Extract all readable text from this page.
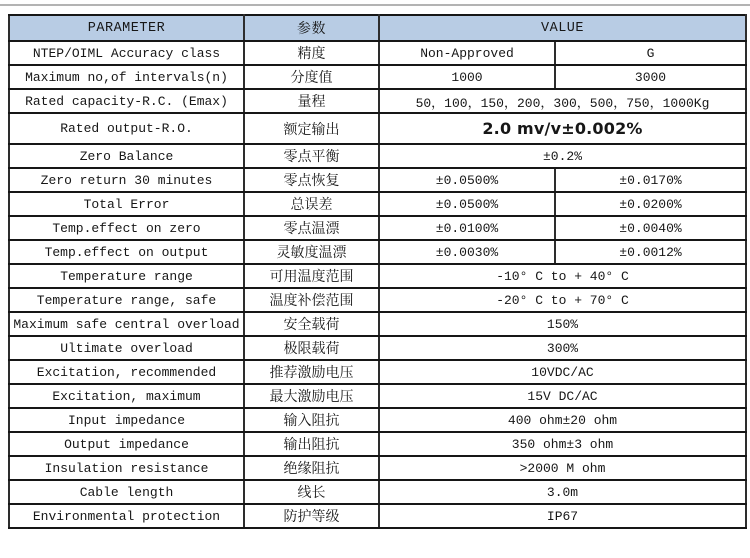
PARAMETER	参数	VALUE	
NTEP/OIML Accuracy class	精度	Non-Approved	G
Maximum no,of intervals(n)	分度值	1000	3000
Rated capacity-R.C. (Emax)	量程	50，100，150，200，300，500，750，1000Kg	
Rated output-R.O.	额定输出	2.0 mv/v±0.002%	
Zero Balance	零点平衡	±0.2%	
Zero return 30 minutes	零点恢复	±0.0500%	±0.0170%
Total Error	总误差	±0.0500%	±0.0200%
Temp.effect on zero	零点温漂	±0.0100%	±0.0040%
Temp.effect on output	灵敏度温漂	±0.0030%	±0.0012%
Temperature range	可用温度范围	-10° C to + 40° C	
Temperature range, safe	温度补偿范围	-20° C to + 70° C	
Maximum safe central overload	安全载荷	150%	
Ultimate overload	极限载荷	300%	
Excitation, recommended	推荐激励电压	10VDC/AC	
Excitation, maximum	最大激励电压	15V DC/AC	
Input impedance	输入阻抗	400 ohm±20 ohm	
Output impedance	输出阻抗	350 ohm±3 ohm	
Insulation resistance	绝缘阻抗	>2000 M ohm	
Cable length	线长	3.0m	
Environmental protection	防护等级	IP67	
